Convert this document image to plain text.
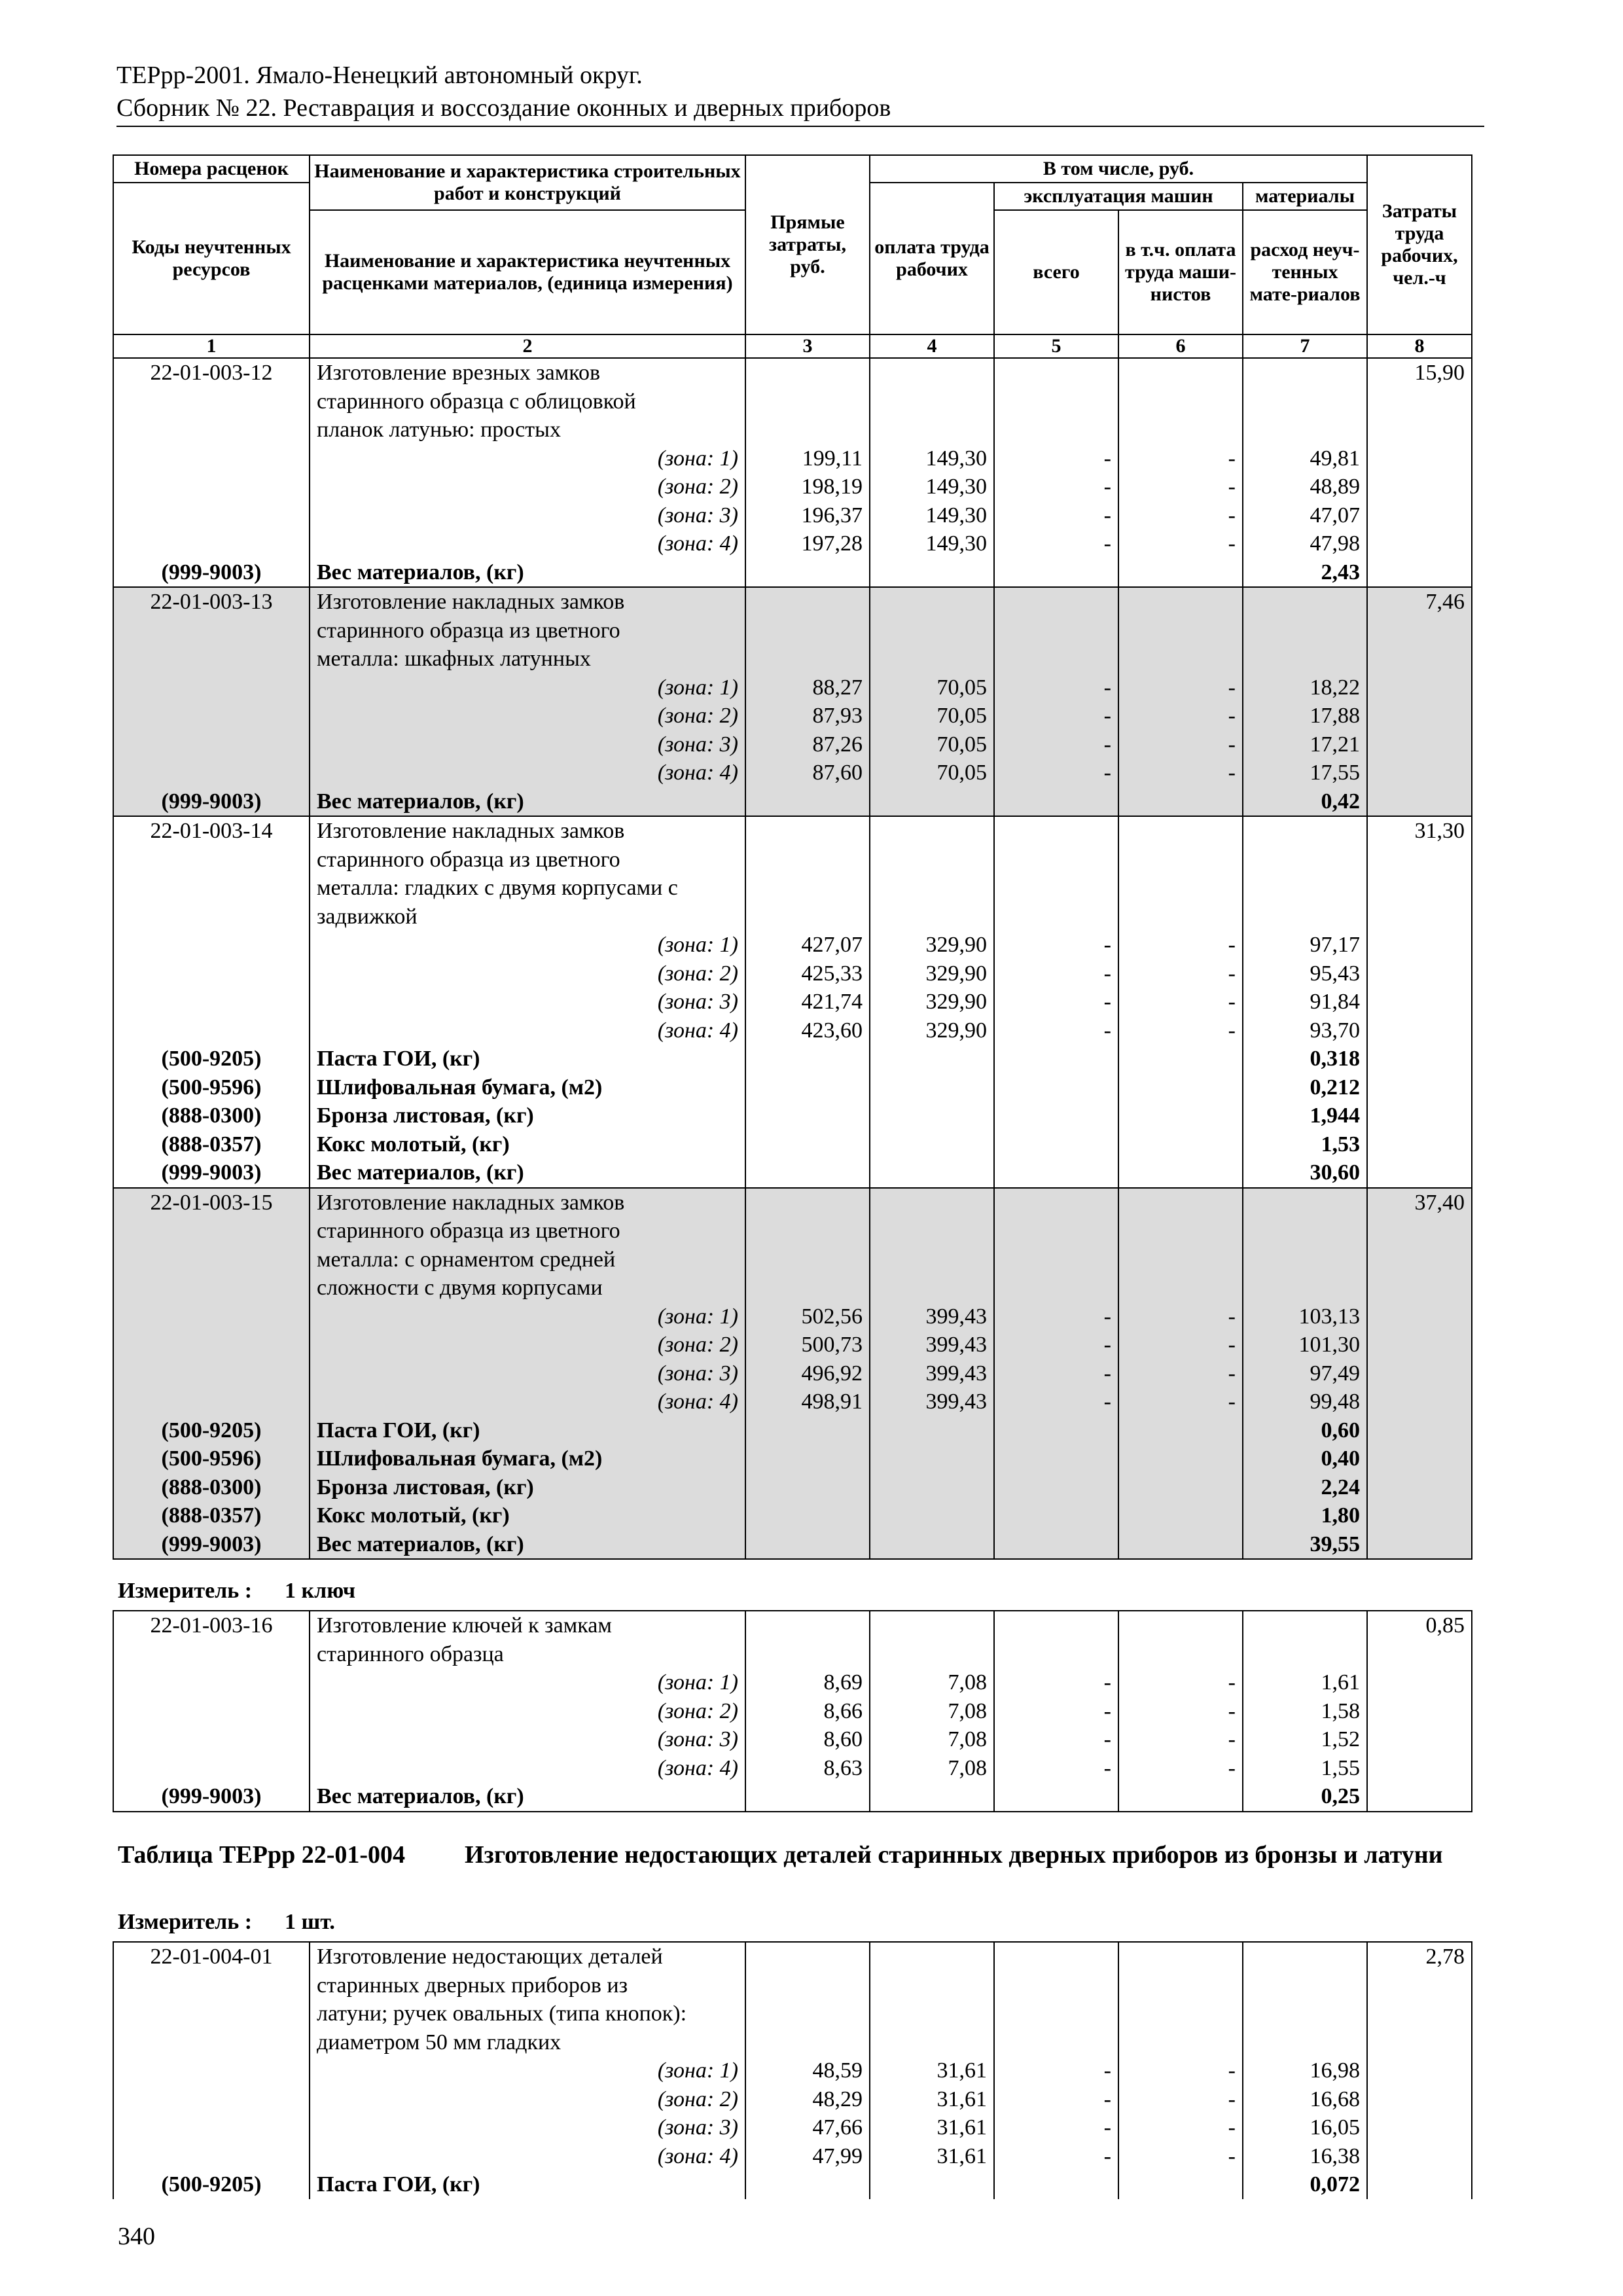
ТЕРрр-2001. Ямало-Ненецкий автономный округ.
Сборник № 22. Реставрация и воссоздание оконных и дверных приборов
Номера расценок	Наименование и характеристика строительных работ и конструкций	Прямые затраты, руб.	В том числе, руб.				Затраты труда рабочих, чел.-ч
Коды неучтенных ресурсов			оплата труда рабочих	эксплуатация машин		материалы	
	Наименование и характеристика неучтенных расценками материалов, (единица измерения)			всего	в т.ч. оплата труда маши-нистов	расход неуч-тенных мате-риалов	
1	2	3	4	5	6	7	8
22-01-003-12	Изготовление врезных замков						15,90
	старинного образца с облицовкой						
	планок латунью: простых						
	(зона: 1)	199,11	149,30	-	-	49,81	
	(зона: 2)	198,19	149,30	-	-	48,89	
	(зона: 3)	196,37	149,30	-	-	47,07	
	(зона: 4)	197,28	149,30	-	-	47,98	
(999-9003)	Вес материалов, (кг)					2,43	
22-01-003-13	Изготовление накладных замков						7,46
	старинного образца из цветного						
	металла: шкафных латунных						
	(зона: 1)	88,27	70,05	-	-	18,22	
	(зона: 2)	87,93	70,05	-	-	17,88	
	(зона: 3)	87,26	70,05	-	-	17,21	
	(зона: 4)	87,60	70,05	-	-	17,55	
(999-9003)	Вес материалов, (кг)					0,42	
22-01-003-14	Изготовление накладных замков						31,30
	старинного образца из цветного						
	металла: гладких с двумя корпусами с						
	задвижкой						
	(зона: 1)	427,07	329,90	-	-	97,17	
	(зона: 2)	425,33	329,90	-	-	95,43	
	(зона: 3)	421,74	329,90	-	-	91,84	
	(зона: 4)	423,60	329,90	-	-	93,70	
(500-9205)	Паста ГОИ, (кг)					0,318	
(500-9596)	Шлифовальная бумага, (м2)					0,212	
(888-0300)	Бронза листовая, (кг)					1,944	
(888-0357)	Кокс молотый, (кг)					1,53	
(999-9003)	Вес материалов, (кг)					30,60	
22-01-003-15	Изготовление накладных замков						37,40
	старинного образца из цветного						
	металла: с орнаментом средней						
	сложности с двумя корпусами						
	(зона: 1)	502,56	399,43	-	-	103,13	
	(зона: 2)	500,73	399,43	-	-	101,30	
	(зона: 3)	496,92	399,43	-	-	97,49	
	(зона: 4)	498,91	399,43	-	-	99,48	
(500-9205)	Паста ГОИ, (кг)					0,60	
(500-9596)	Шлифовальная бумага, (м2)					0,40	
(888-0300)	Бронза листовая, (кг)					2,24	
(888-0357)	Кокс молотый, (кг)					1,80	
(999-9003)	Вес материалов, (кг)					39,55	
Измеритель : 1 ключ
22-01-003-16	Изготовление ключей к замкам						0,85
	старинного образца						
	(зона: 1)	8,69	7,08	-	-	1,61	
	(зона: 2)	8,66	7,08	-	-	1,58	
	(зона: 3)	8,60	7,08	-	-	1,52	
	(зона: 4)	8,63	7,08	-	-	1,55	
(999-9003)	Вес материалов, (кг)					0,25	
Таблица ТЕРрр 22-01-004 Изготовление недостающих деталей старинных дверных приборов из бронзы и латуни
Измеритель : 1 шт.
22-01-004-01	Изготовление недостающих деталей						2,78
	старинных дверных приборов из						
	латуни; ручек овальных (типа кнопок):						
	диаметром 50 мм гладких						
	(зона: 1)	48,59	31,61	-	-	16,98	
	(зона: 2)	48,29	31,61	-	-	16,68	
	(зона: 3)	47,66	31,61	-	-	16,05	
	(зона: 4)	47,99	31,61	-	-	16,38	
(500-9205)	Паста ГОИ, (кг)					0,072	
340
